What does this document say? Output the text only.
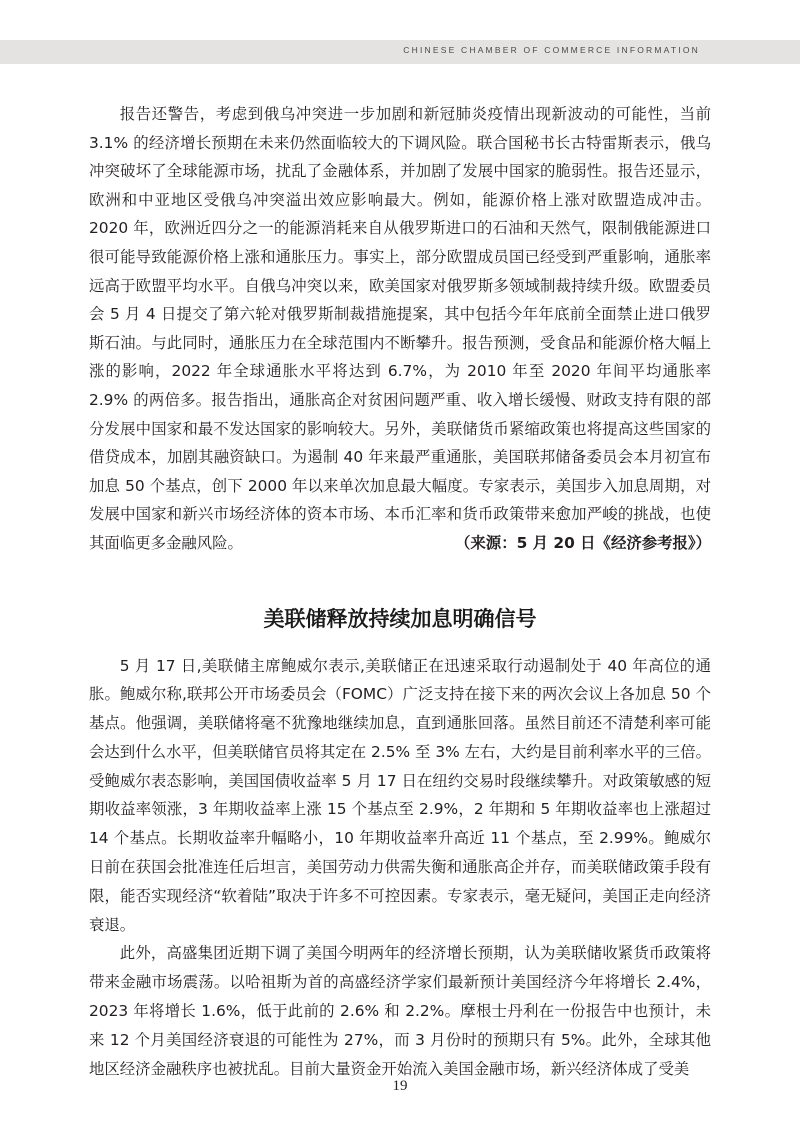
CHINESE CHAMBER OF COMMERCE INFORMATION

报告还警告，考虑到俄乌冲突进一步加剧和新冠肺炎疫情出现新波动的可能性，当前3.1% 的经济增长预期在未来仍然面临较大的下调风险。联合国秘书长古特雷斯表示，俄乌冲突破坏了全球能源市场，扰乱了金融体系，并加剧了发展中国家的脆弱性。报告还显示，欧洲和中亚地区受俄乌冲突溢出效应影响最大。例如，能源价格上涨对欧盟造成冲击。2020 年，欧洲近四分之一的能源消耗来自从俄罗斯进口的石油和天然气，限制俄能源进口很可能导致能源价格上涨和通胀压力。事实上，部分欧盟成员国已经受到严重影响，通胀率远高于欧盟平均水平。自俄乌冲突以来，欧美国家对俄罗斯多领域制裁持续升级。欧盟委员会 5 月 4 日提交了第六轮对俄罗斯制裁措施提案，其中包括今年年底前全面禁止进口俄罗斯石油。与此同时，通胀压力在全球范围内不断攀升。报告预测，受食品和能源价格大幅上涨的影响，2022 年全球通胀水平将达到 6.7%，为 2010 年至 2020 年间平均通胀率 2.9% 的两倍多。报告指出，通胀高企对贫困问题严重、收入增长缓慢、财政支持有限的部分发展中国家和最不发达国家的影响较大。另外，美联储货币紧缩政策也将提高这些国家的借贷成本，加剧其融资缺口。为遏制 40 年来最严重通胀，美国联邦储备委员会本月初宣布加息 50 个基点，创下 2000 年以来单次加息最大幅度。专家表示，美国步入加息周期，对发展中国家和新兴市场经济体的资本市场、本币汇率和货币政策带来愈加严峻的挑战，也使其面临更多金融风险。	（来源：5 月 20 日《经济参考报》）

美联储释放持续加息明确信号

5 月 17 日,美联储主席鲍威尔表示,美联储正在迅速采取行动遏制处于 40 年高位的通胀。鲍威尔称,联邦公开市场委员会（FOMC）广泛支持在接下来的两次会议上各加息 50 个基点。他强调，美联储将毫不犹豫地继续加息，直到通胀回落。虽然目前还不清楚利率可能会达到什么水平，但美联储官员将其定在 2.5% 至 3% 左右，大约是目前利率水平的三倍。受鲍威尔表态影响，美国国债收益率 5 月 17 日在纽约交易时段继续攀升。对政策敏感的短期收益率领涨，3 年期收益率上涨 15 个基点至 2.9%，2 年期和 5 年期收益率也上涨超过 14 个基点。长期收益率升幅略小，10 年期收益率升高近 11 个基点，至 2.99%。鲍威尔日前在获国会批准连任后坦言，美国劳动力供需失衡和通胀高企并存，而美联储政策手段有限，能否实现经济“软着陆”取决于许多不可控因素。专家表示，毫无疑问，美国正走向经济衰退。

此外，高盛集团近期下调了美国今明两年的经济增长预期，认为美联储收紧货币政策将带来金融市场震荡。以哈祖斯为首的高盛经济学家们最新预计美国经济今年将增长 2.4%，2023 年将增长 1.6%，低于此前的 2.6% 和 2.2%。摩根士丹利在一份报告中也预计，未来 12 个月美国经济衰退的可能性为 27%，而 3 月份时的预期只有 5%。此外，全球其他地区经济金融秩序也被扰乱。目前大量资金开始流入美国金融市场，新兴经济体成了受美

19
